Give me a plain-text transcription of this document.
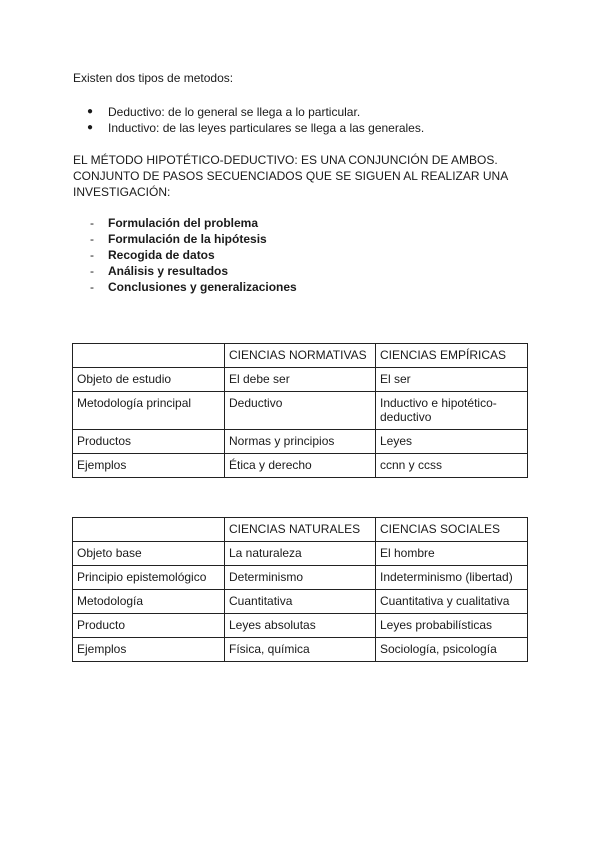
Existen dos tipos de metodos:

● Deductivo: de lo general se llega a lo particular.
● Inductivo: de las leyes particulares se llega a las generales.

EL MÉTODO HIPOTÉTICO-DEDUCTIVO: ES UNA CONJUNCIÓN DE AMBOS. CONJUNTO DE PASOS SECUENCIADOS QUE SE SIGUEN AL REALIZAR UNA INVESTIGACIÓN:

- Formulación del problema
- Formulación de la hipótesis
- Recogida de datos
- Análisis y resultados
- Conclusiones y generalizaciones
	CIENCIAS NORMATIVAS	CIENCIAS EMPÍRICAS
Objeto de estudio	El debe ser	El ser
Metodología principal	Deductivo	Inductivo e hipotético-deductivo
Productos	Normas y principios	Leyes
Ejemplos	Ética y derecho	ccnn y ccss
	CIENCIAS NATURALES	CIENCIAS SOCIALES
Objeto base	La naturaleza	El hombre
Principio epistemológico	Determinismo	Indeterminismo (libertad)
Metodología	Cuantitativa	Cuantitativa y cualitativa
Producto	Leyes absolutas	Leyes probabilísticas
Ejemplos	Física, química	Sociología, psicología
